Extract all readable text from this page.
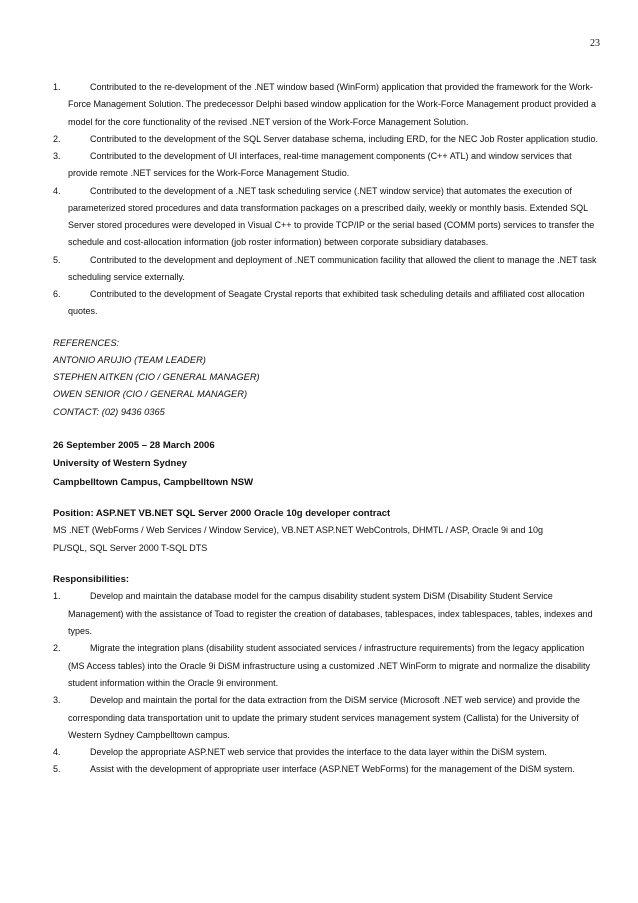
23
1.	Contributed to the re-development of the .NET window based (WinForm) application that provided the framework for the Work-Force Management Solution. The predecessor Delphi based window application for the Work-Force Management product provided a model for the core functionality of the revised .NET version of the Work-Force Management Solution.
2.	Contributed to the development of the SQL Server database schema, including ERD, for the NEC Job Roster application studio.
3.	Contributed to the development of UI interfaces, real-time management components (C++ ATL) and window services that provide remote .NET services for the Work-Force Management Studio.
4.	Contributed to the development of a .NET task scheduling service (.NET window service) that automates the execution of parameterized stored procedures and data transformation packages on a prescribed daily, weekly or monthly basis. Extended SQL Server stored procedures were developed in Visual C++ to provide TCP/IP or the serial based (COMM ports) services to transfer the schedule and cost-allocation information (job roster information) between corporate subsidiary databases.
5.	Contributed to the development and deployment of .NET communication facility that allowed the client to manage the .NET task scheduling service externally.
6.	Contributed to the development of Seagate Crystal reports that exhibited task scheduling details and affiliated cost allocation quotes.
REFERENCES:
ANTONIO ARUJIO (TEAM LEADER)
STEPHEN AITKEN (CIO / GENERAL MANAGER)
OWEN SENIOR (CIO / GENERAL MANAGER)
CONTACT: (02) 9436 0365
26 September 2005 – 28 March 2006
University of Western Sydney
Campbelltown Campus, Campbelltown NSW
Position: ASP.NET VB.NET SQL Server 2000 Oracle 10g developer contract
MS .NET (WebForms / Web Services / Window Service), VB.NET ASP.NET WebControls, DHMTL / ASP, Oracle 9i and 10g
PL/SQL, SQL Server 2000 T-SQL DTS
Responsibilities:
1.	Develop and maintain the database model for the campus disability student system DiSM (Disability Student Service Management) with the assistance of Toad to register the creation of databases, tablespaces, index tablespaces, tables, indexes and types.
2.	Migrate the integration plans (disability student associated services / infrastructure requirements) from the legacy application (MS Access tables) into the Oracle 9i DiSM infrastructure using a customized .NET WinForm to migrate and normalize the disability student information within the Oracle 9i environment.
3.	Develop and maintain the portal for the data extraction from the DiSM service (Microsoft .NET web service) and provide the corresponding data transportation unit to update the primary student services management system (Callista) for the University of Western Sydney Campbelltown campus.
4.	Develop the appropriate ASP.NET web service that provides the interface to the data layer within the DiSM system.
5.	Assist with the development of appropriate user interface (ASP.NET WebForms) for the management of the DiSM system.
